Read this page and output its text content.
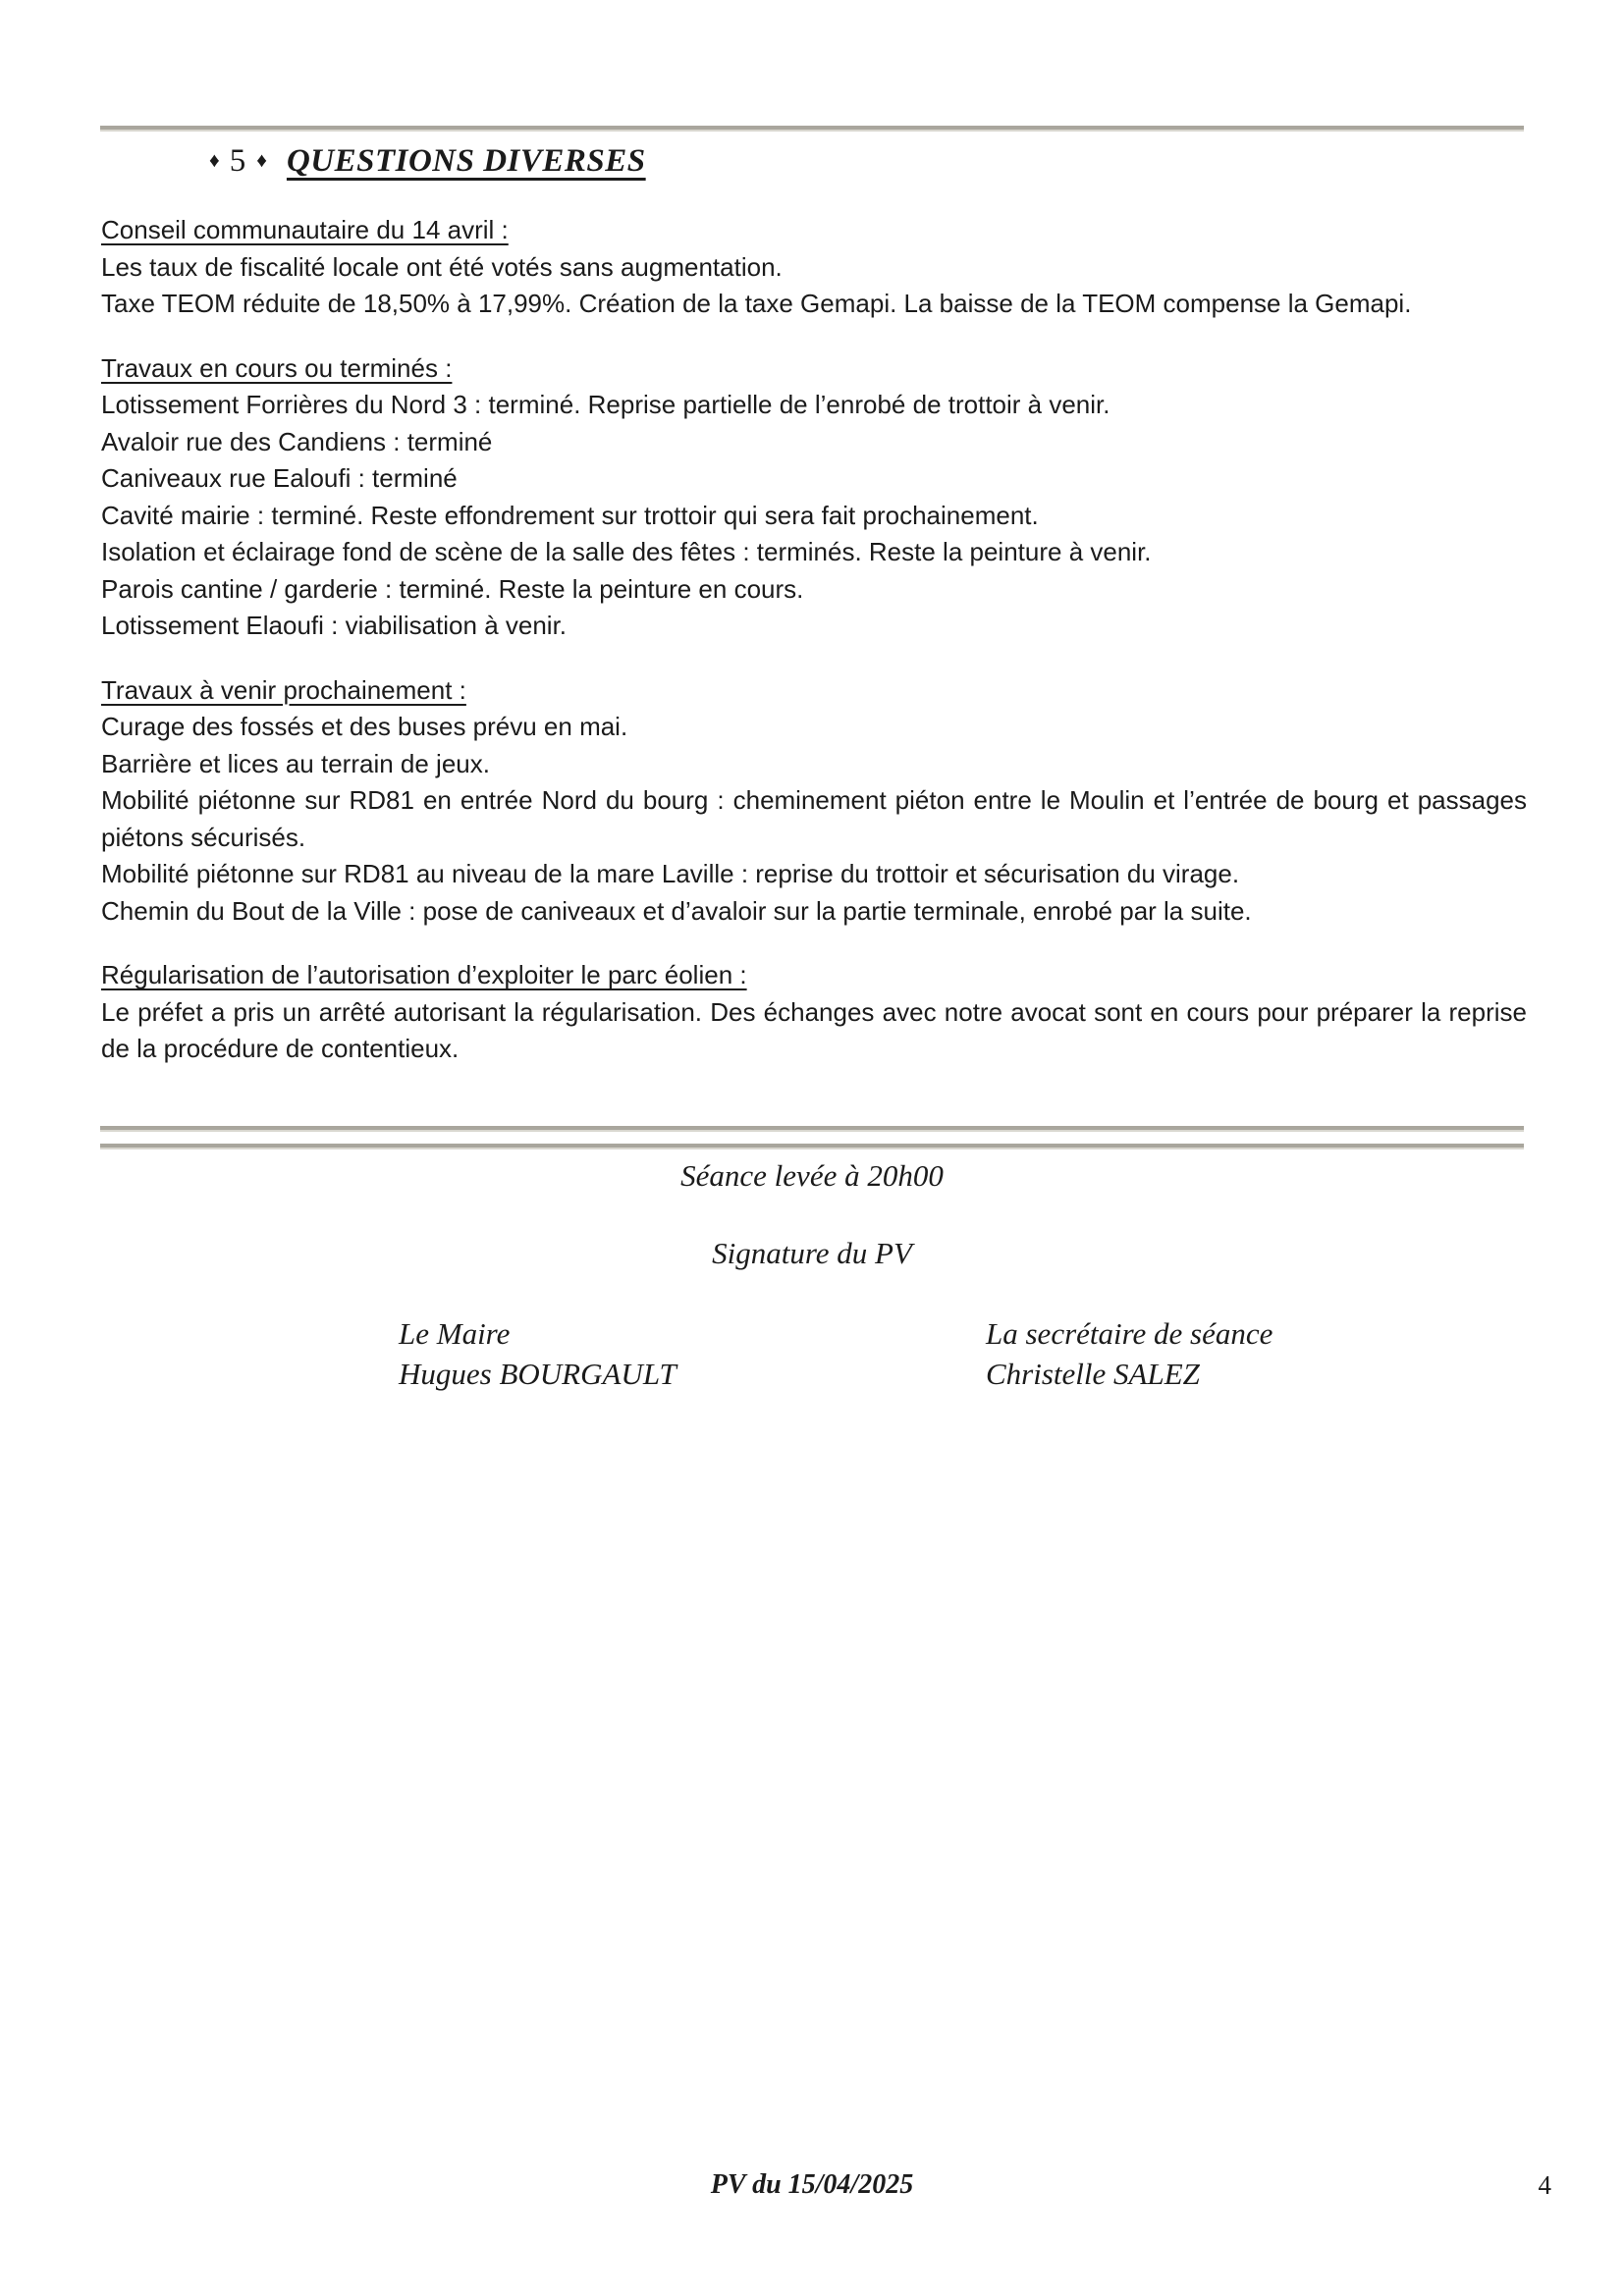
♦ 5 ♦ QUESTIONS DIVERSES

Conseil communautaire du 14 avril :

Les taux de fiscalité locale ont été votés sans augmentation.

Taxe TEOM réduite de 18,50% à 17,99%. Création de la taxe Gemapi. La baisse de la TEOM compense la Gemapi.

Travaux en cours ou terminés :

Lotissement Forrières du Nord 3 : terminé. Reprise partielle de l’enrobé de trottoir à venir.

Avaloir rue des Candiens : terminé

Caniveaux rue Ealoufi : terminé

Cavité mairie : terminé. Reste effondrement sur trottoir qui sera fait prochainement.

Isolation et éclairage fond de scène de la salle des fêtes : terminés. Reste la peinture à venir.

Parois cantine / garderie : terminé. Reste la peinture en cours.

Lotissement Elaoufi : viabilisation à venir.

Travaux à venir prochainement :

Curage des fossés et des buses prévu en mai.

Barrière et lices au terrain de jeux.

Mobilité piétonne sur RD81 en entrée Nord du bourg : cheminement piéton entre le Moulin et l’entrée de bourg et passages piétons sécurisés.

Mobilité piétonne sur RD81 au niveau de la mare Laville : reprise du trottoir et sécurisation du virage.

Chemin du Bout de la Ville : pose de caniveaux et d’avaloir sur la partie terminale, enrobé par la suite.

Régularisation de l’autorisation d’exploiter le parc éolien :

Le préfet a pris un arrêté autorisant la régularisation. Des échanges avec notre avocat sont en cours pour préparer la reprise de la procédure de contentieux.

Séance levée à 20h00
Signature du PV
Le Maire
Hugues BOURGAULT
La secrétaire de séance
Christelle SALEZ
PV du 15/04/2025	4
